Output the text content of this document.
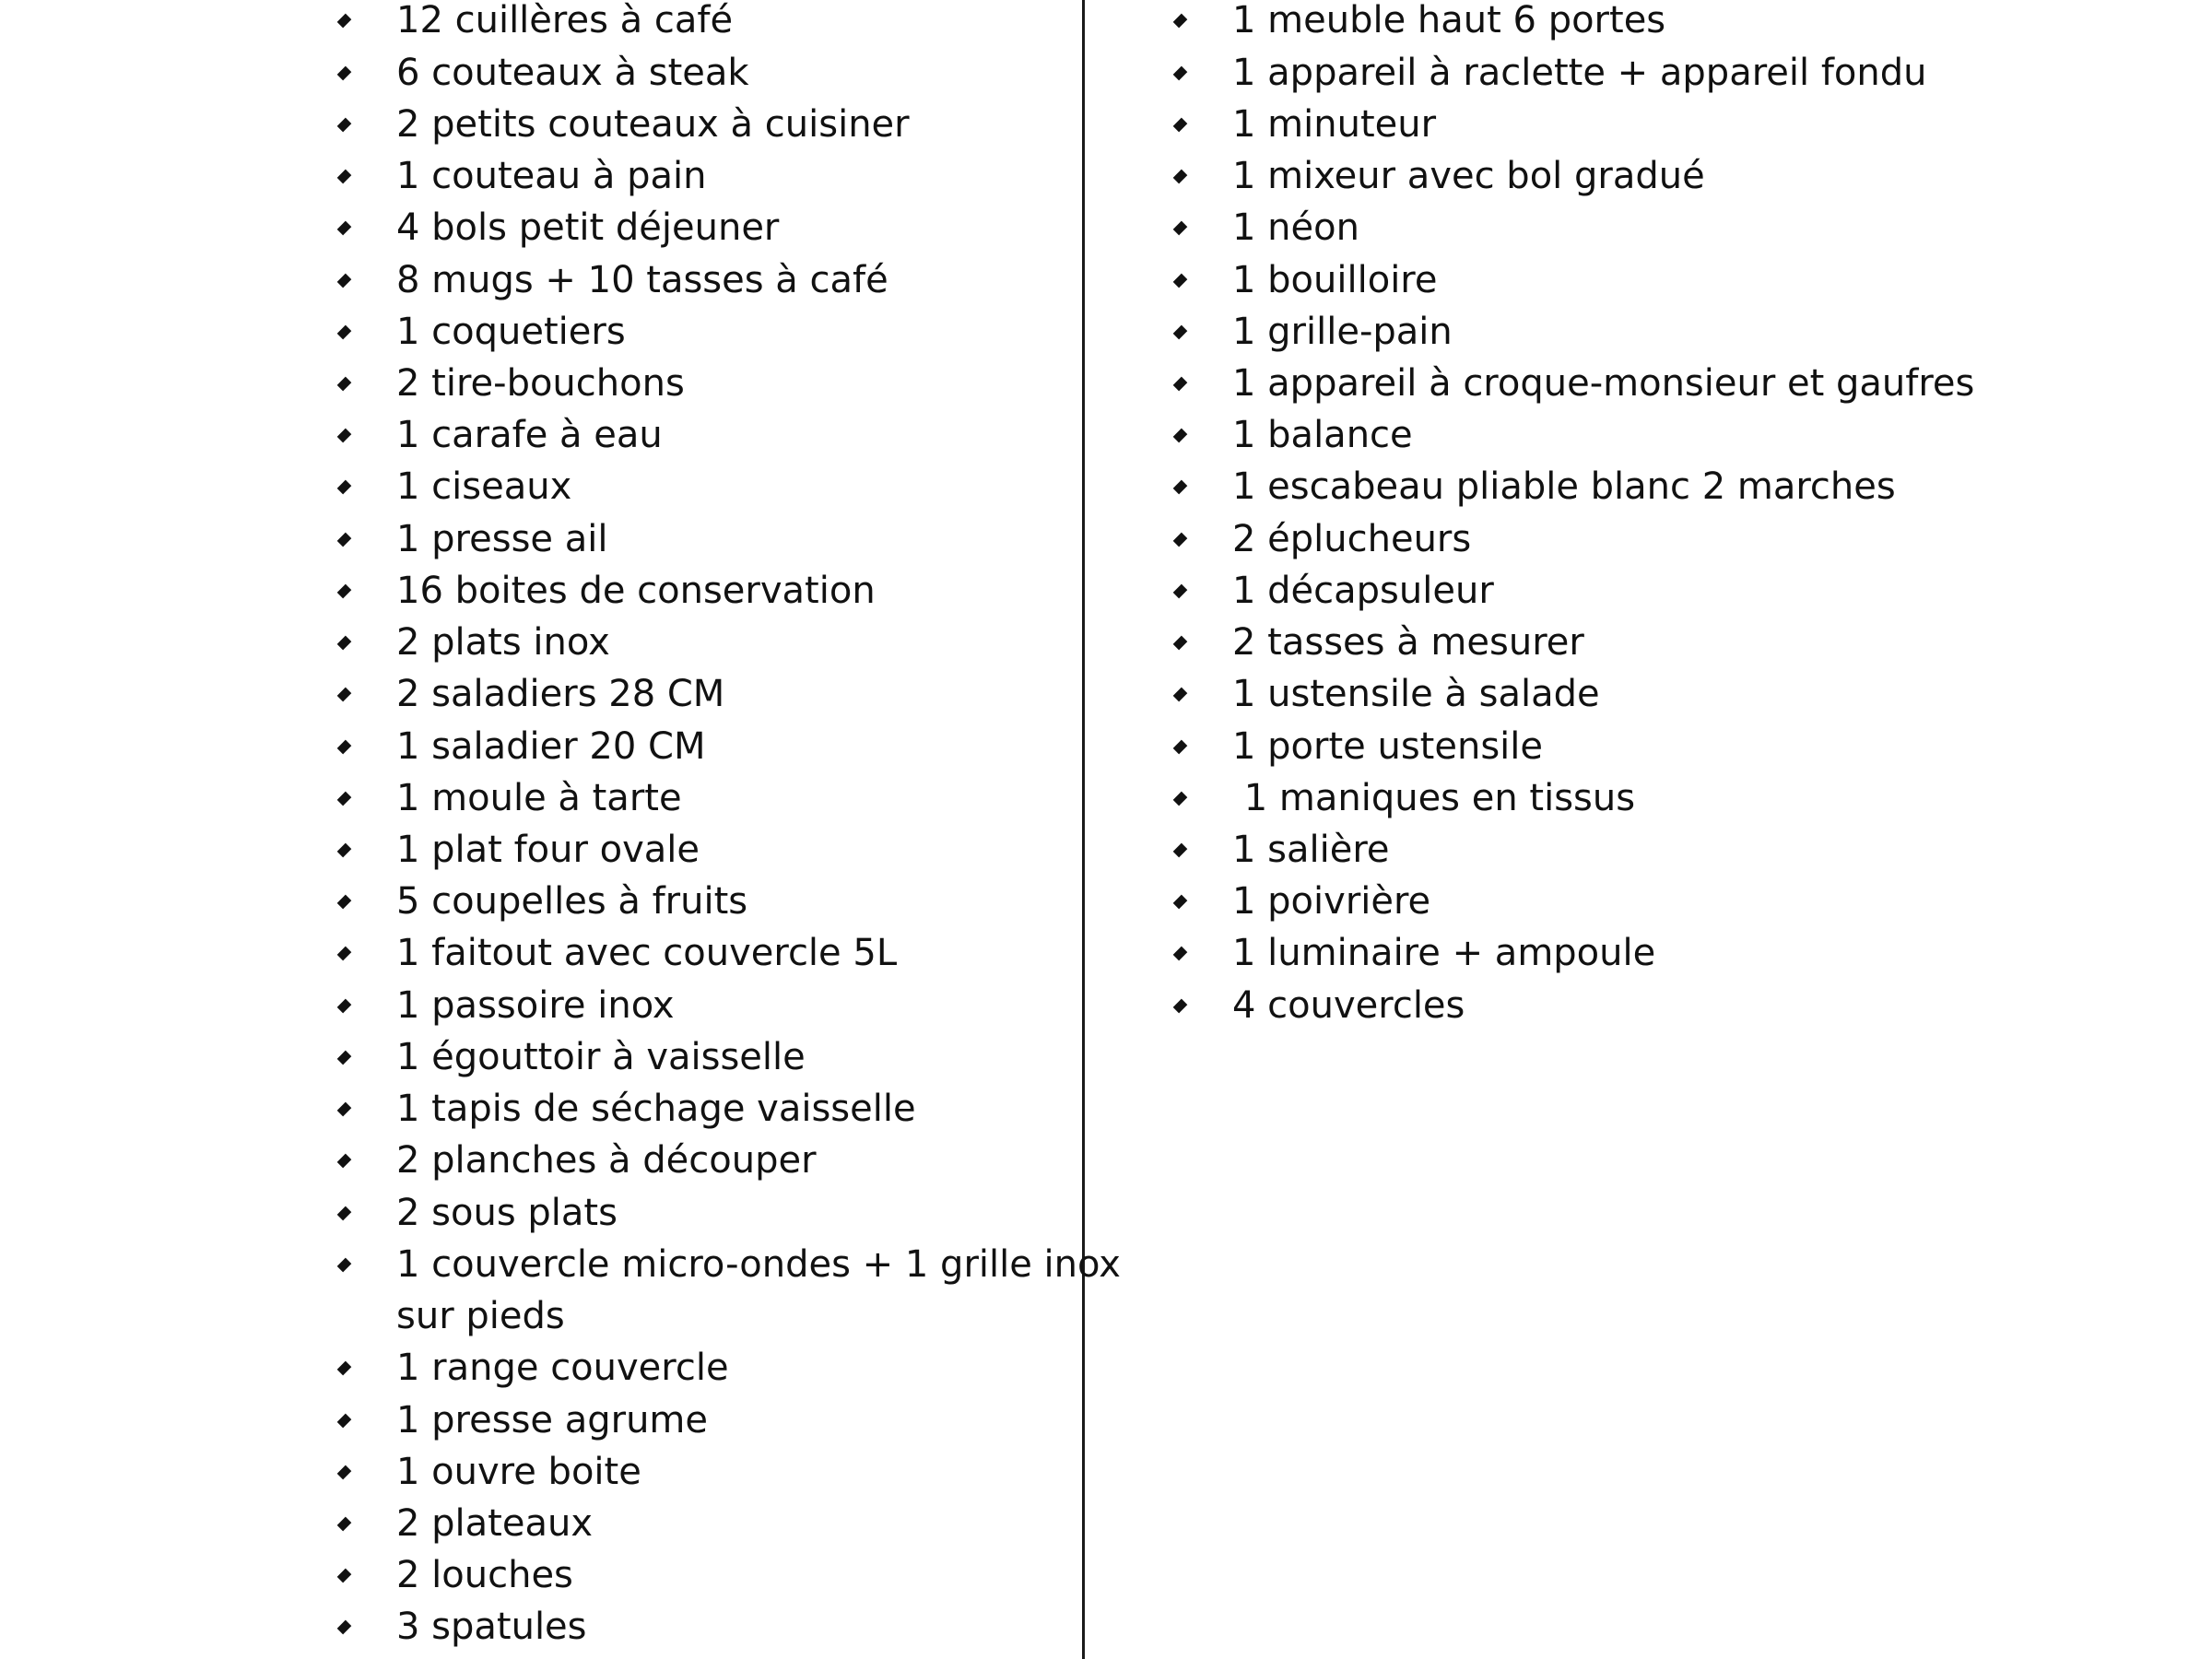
12 cuillères à café
6 couteaux à steak
2 petits couteaux à cuisiner
1 couteau à pain
4 bols petit déjeuner
8 mugs + 10 tasses à café
1 coquetiers
2 tire-bouchons
1 carafe à eau
1 ciseaux
1 presse ail
16 boites de conservation
2 plats inox
2 saladiers 28 CM
1 saladier 20 CM
1 moule à tarte
1 plat four ovale
5 coupelles à fruits
1 faitout avec couvercle 5L
1 passoire inox
1 égouttoir à vaisselle
1 tapis de séchage vaisselle
2 planches à découper
2 sous plats
1 couvercle micro-ondes + 1 grille inox
sur pieds
1 range couvercle
1 presse agrume
1 ouvre boite
2 plateaux
2 louches
3 spatules
1 meuble haut 6 portes
1 appareil à raclette + appareil fondu
1 minuteur
1 mixeur avec bol gradué
1 néon
1 bouilloire
1 grille-pain
1 appareil à croque-monsieur et gaufres
1 balance
1 escabeau pliable blanc 2 marches
2 éplucheurs
1 décapsuleur
2 tasses à mesurer
1 ustensile à salade
1 porte ustensile
1 maniques en tissus
1 salière
1 poivrière
1 luminaire + ampoule
4 couvercles
